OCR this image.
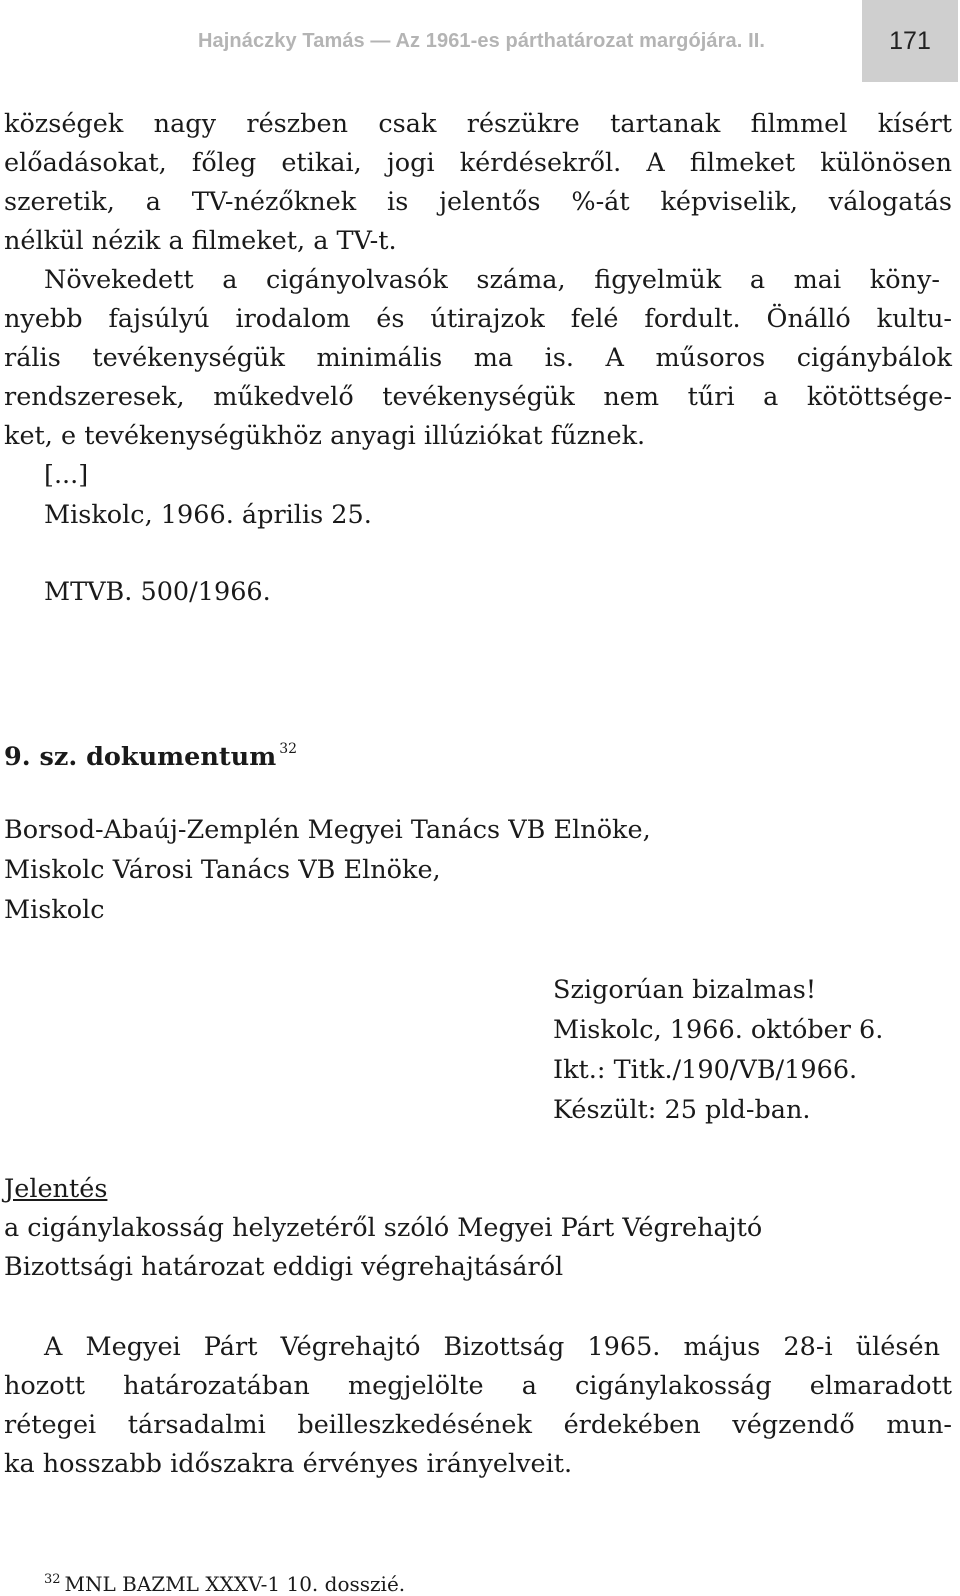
Hajnáczky Tamás — Az 1961-es párthatározat margójára. II.	171
községek nagy részben csak részükre tartanak filmmel kísért
előadásokat, főleg etikai, jogi kérdésekről. A filmeket különösen
szeretik, a TV-nézőknek is jelentős %-át képviselik, válogatás
nélkül nézik a filmeket, a TV-t.
Növekedett a cigányolvasók száma, figyelmük a mai köny-
nyebb fajsúlyú irodalom és útirajzok felé fordult. Önálló kultu-
rális tevékenységük minimális ma is. A műsoros cigánybálok
rendszeresek, műkedvelő tevékenységük nem tűri a kötöttsége-
ket, e tevékenységükhöz anyagi illúziókat fűznek.
[...]
Miskolc, 1966. április 25.
MTVB. 500/1966.
9. sz. dokumentum $^{32}$
Borsod-Abaúj-Zemplén Megyei Tanács VB Elnöke,
Miskolc Városi Tanács VB Elnöke,
Miskolc
Szigorúan bizalmas!
Miskolc, 1966. október 6.
Ikt.: Titk./190/VB/1966.
Készült: 25 pld-ban.
Jelentés
a cigánylakosság helyzetéről szóló Megyei Párt Végrehajtó
Bizottsági határozat eddigi végrehajtásáról
A Megyei Párt Végrehajtó Bizottság 1965. május 28-i ülésén
hozott határozatában megjelölte a cigánylakosság elmaradott
rétegei társadalmi beilleszkedésének érdekében végzendő mun-
ka hosszabb időszakra érvényes irányelveit.
$^{32}$ MNL BAZML XXXV-1 10. dosszié.
